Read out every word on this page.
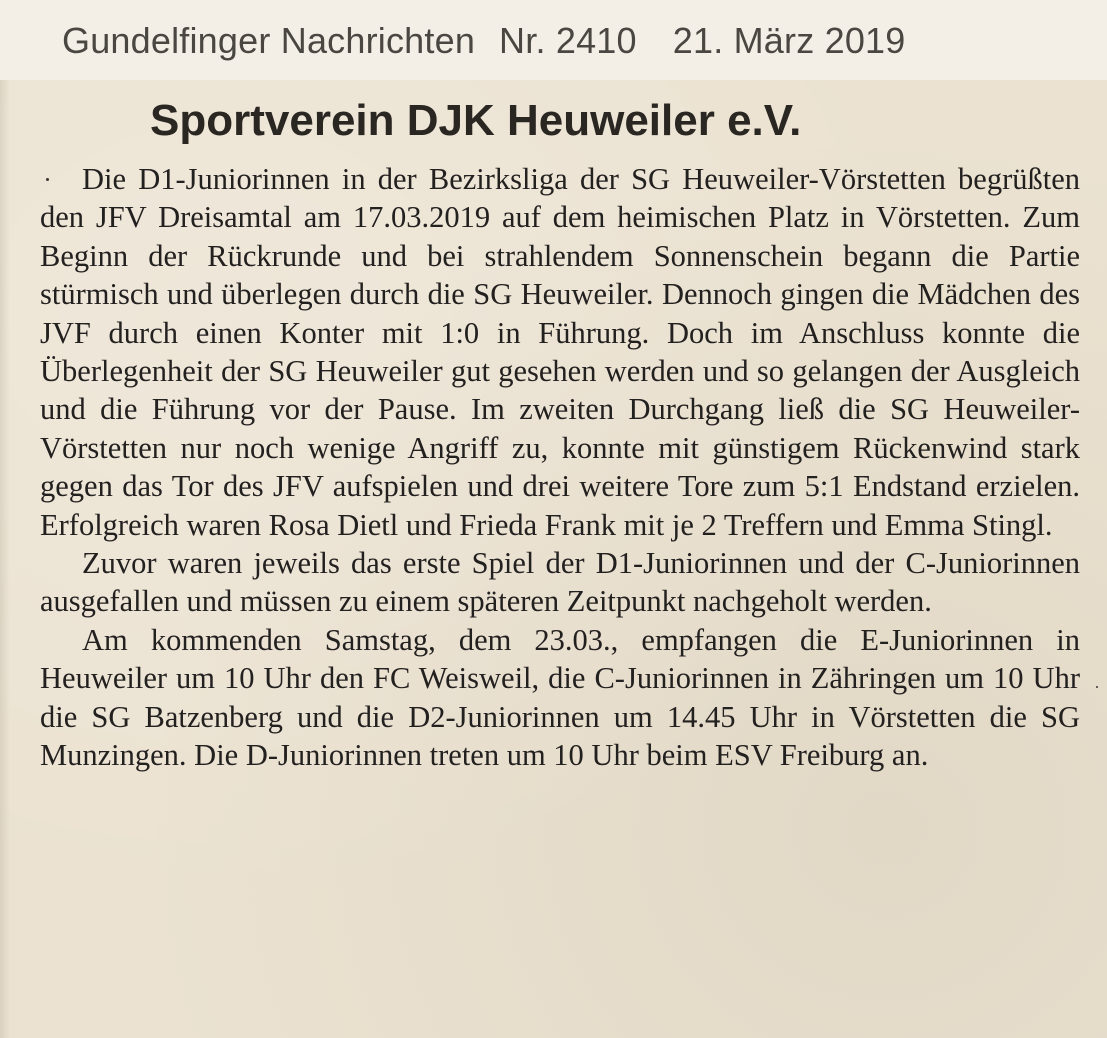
Gundelfinger Nachrichten Nr. 2410 21. März 2019
Sportverein DJK Heuweiler e.V.

Die D1-Juniorinnen in der Bezirksliga der SG Heuweiler-Vörstetten begrüßten den JFV Dreisamtal am 17.03.2019 auf dem heimischen Platz in Vörstetten. Zum Beginn der Rückrunde und bei strahlendem Sonnenschein begann die Partie stürmisch und überlegen durch die SG Heuweiler. Dennoch gingen die Mädchen des JVF durch einen Konter mit 1:0 in Führung. Doch im Anschluss konnte die Überlegenheit der SG Heuweiler gut gesehen werden und so gelangen der Ausgleich und die Führung vor der Pause. Im zweiten Durchgang ließ die SG Heuweiler-Vörstetten nur noch wenige Angriff zu, konnte mit günstigem Rückenwind stark gegen das Tor des JFV aufspielen und drei weitere Tore zum 5:1 Endstand erzielen. Erfolgreich waren Rosa Dietl und Frieda Frank mit je 2 Treffern und Emma Stingl.

Zuvor waren jeweils das erste Spiel der D1-Juniorinnen und der C-Juniorinnen ausgefallen und müssen zu einem späteren Zeitpunkt nachgeholt werden.

Am kommenden Samstag, dem 23.03., empfangen die E-Juniorinnen in Heuweiler um 10 Uhr den FC Weisweil, die C-Juniorinnen in Zähringen um 10 Uhr die SG Batzenberg und die D2-Juniorinnen um 14.45 Uhr in Vörstetten die SG Munzingen. Die D-Juniorinnen treten um 10 Uhr beim ESV Freiburg an.
